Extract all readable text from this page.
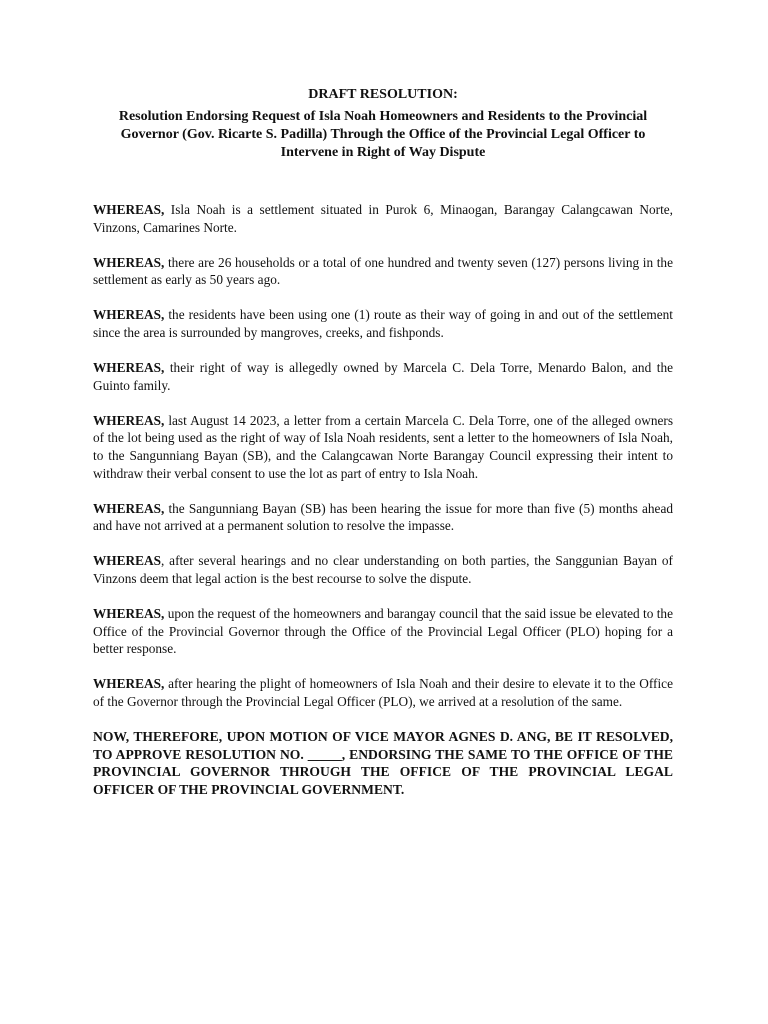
DRAFT RESOLUTION:
Resolution Endorsing Request of Isla Noah Homeowners and Residents to the Provincial Governor (Gov. Ricarte S. Padilla) Through the Office of the Provincial Legal Officer to Intervene in Right of Way Dispute

WHEREAS, Isla Noah is a settlement situated in Purok 6, Minaogan, Barangay Calangcawan Norte, Vinzons, Camarines Norte.

WHEREAS, there are 26 households or a total of one hundred and twenty seven (127) persons living in the settlement as early as 50 years ago.

WHEREAS, the residents have been using one (1) route as their way of going in and out of the settlement since the area is surrounded by mangroves, creeks, and fishponds.

WHEREAS, their right of way is allegedly owned by Marcela C. Dela Torre, Menardo Balon, and the Guinto family.

WHEREAS, last August 14 2023, a letter from a certain Marcela C. Dela Torre, one of the alleged owners of the lot being used as the right of way of Isla Noah residents, sent a letter to the homeowners of Isla Noah, to the Sangunniang Bayan (SB), and the Calangcawan Norte Barangay Council expressing their intent to withdraw their verbal consent to use the lot as part of entry to Isla Noah.

WHEREAS, the Sangunniang Bayan (SB) has been hearing the issue for more than five (5) months ahead and have not arrived at a permanent solution to resolve the impasse.

WHEREAS, after several hearings and no clear understanding on both parties, the Sanggunian Bayan of Vinzons deem that legal action is the best recourse to solve the dispute.

WHEREAS, upon the request of the homeowners and barangay council that the said issue be elevated to the Office of the Provincial Governor through the Office of the Provincial Legal Officer (PLO) hoping for a better response.

WHEREAS, after hearing the plight of homeowners of Isla Noah and their desire to elevate it to the Office of the Governor through the Provincial Legal Officer (PLO), we arrived at a resolution of the same.

NOW, THEREFORE, UPON MOTION OF VICE MAYOR AGNES D. ANG, BE IT RESOLVED, TO APPROVE RESOLUTION NO. _____, ENDORSING THE SAME TO THE OFFICE OF THE PROVINCIAL GOVERNOR THROUGH THE OFFICE OF THE PROVINCIAL LEGAL OFFICER OF THE PROVINCIAL GOVERNMENT.
